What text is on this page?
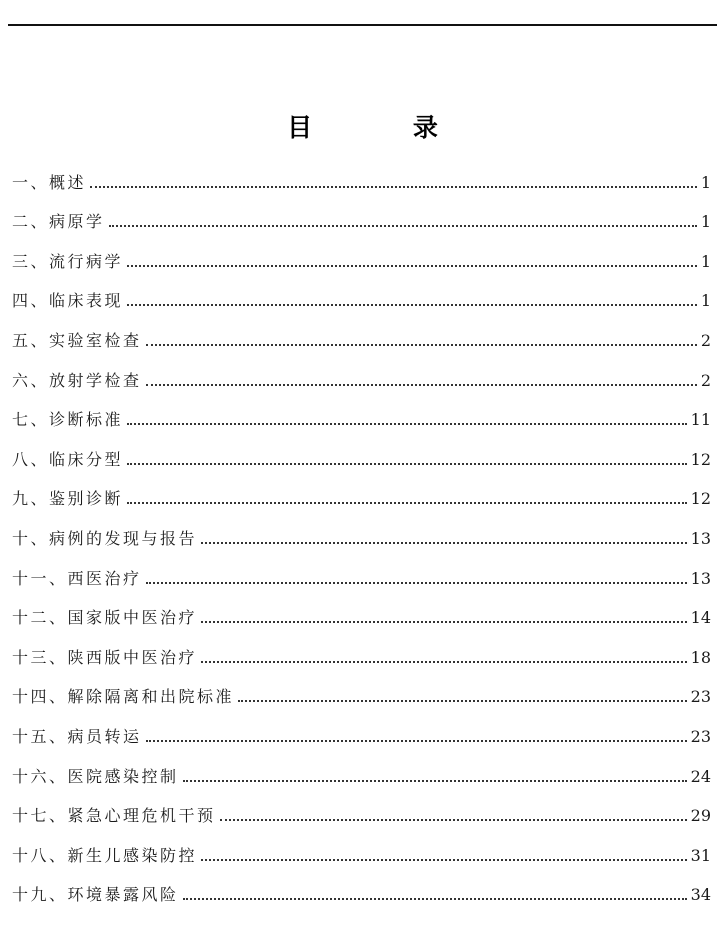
目 录
一、概述	1
二、病原学	1
三、流行病学	1
四、临床表现	1
五、实验室检查	2
六、放射学检查	2
七、诊断标准	11
八、临床分型	12
九、鉴别诊断	12
十、病例的发现与报告	13
十一、西医治疗	13
十二、国家版中医治疗	14
十三、陕西版中医治疗	18
十四、解除隔离和出院标准	23
十五、病员转运	23
十六、医院感染控制	24
十七、紧急心理危机干预	29
十八、新生儿感染防控	31
十九、环境暴露风险	34
